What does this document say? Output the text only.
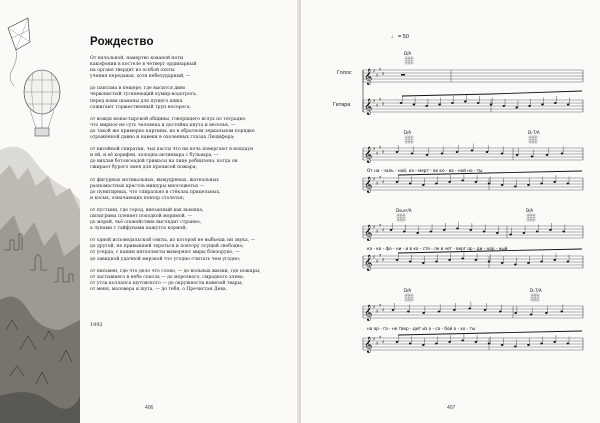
Рождество
От начальной, намертво кованой ноты
какофонии в костеле в четверг ординарный
на органе твердит из особой охоты
учения передавая, хотя небезударный, —
до пантама в пещере, где высится диво
червонистый тускнеющий кумир-водотрога,
перед коим шаманы для пущего шика
сожигают торжественный труп носорога;
от вождя монастырской общины, говорящего вслух по тетрадке,
что мирное не суть человека и достойна кнута и веселья, —
до такой же примерно картины, но в обратном зеркальном порядке
отражённой давно и навеки в охоленных глазах Люцифера;
от кисейной спиратки, чьи пассы что ни ночь повергают в нокдаун
и ей, и её корифеи, холодна-антиквара с бульвара, —
до вихлав ботоксеадой гримасы на лице робинзона, когда он
сжирает бурого змея для прописей пожара;
от фигурных мотивальных, вымудреных, жатеальных
разномастных крестов мишуры многоцветья —
до пунктирных, что спирально в стёклах прицельных,
и косых, означающих повтор столетья;
от пустыни, где город, внезапный как вьюшка,
пилигрима пленяет походкой моримой, —
до морей, чьё спокойствие выглядит странно,
а лунами с тайфунами кажутся кормой;
от одной исповедальской секты, из которой не выбьешь ни звука, —
до другой, не привыкшей теряться и повтору лсущей свободно;
от усерда, с каким интеллекты вымеряют миры близорукo, —
до завидной удачной мерзкой что угодно считать чем угодно;
от письмен, где что дело что слово, — до вольных жизни, где пожары;
от застывшего в небе сокола — до морозного, смрадного хлева;
от утла коллапса шутовского — до окружности вывезой твары;
от меня, маловера и шута, — до тебя, о Пречистая Дева.
1992
406
♩ = 50
Голос
Гитара
𝄞 ♯
♯
♯
♯
D/A
𝄞 ♯
♯
♯
♯
𝄞 ♯
♯
♯
♯
D/A	D♭7/A
От на - чаль - ной, на - мерт - во ко - ва - ной но - ты
𝄞 ♯
♯
♯
♯
𝄞 ♯
♯
♯
♯
Dsus²/A	D/A
ка - ко - фо - ни - и в ко - сте - ле в чет - верг ор - ди - нар - ный
𝄞 ♯
♯
♯
♯
𝄞 ♯
♯
♯
♯
D/A	D♭7/A
на ор - га - не твер - дит из о - со - бой о - хо - ты
𝄞 ♯
♯
♯
♯
407
